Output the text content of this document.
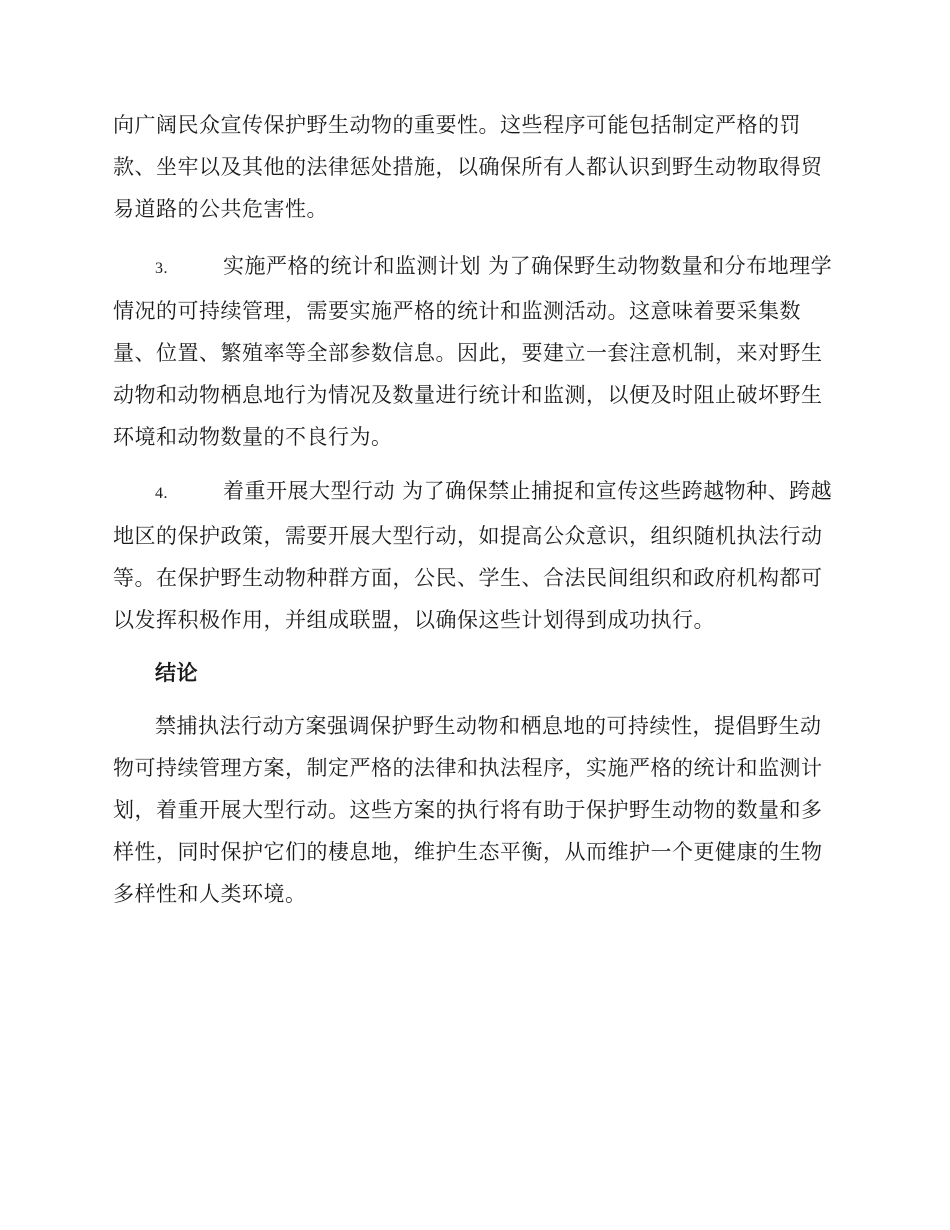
向广阔民众宣传保护野生动物的重要性。这些程序可能包括制定严格的罚款、坐牢以及其他的法律惩处措施，以确保所有人都认识到野生动物取得贸易道路的公共危害性。
3.	实施严格的统计和监测计划 为了确保野生动物数量和分布地理学情况的可持续管理，需要实施严格的统计和监测活动。这意味着要采集数量、位置、繁殖率等全部参数信息。因此，要建立一套注意机制，来对野生动物和动物栖息地行为情况及数量进行统计和监测，以便及时阻止破坏野生环境和动物数量的不良行为。
4.	着重开展大型行动 为了确保禁止捕捉和宣传这些跨越物种、跨越地区的保护政策，需要开展大型行动，如提高公众意识，组织随机执法行动等。在保护野生动物种群方面，公民、学生、合法民间组织和政府机构都可以发挥积极作用，并组成联盟，以确保这些计划得到成功执行。
结论
禁捕执法行动方案强调保护野生动物和栖息地的可持续性，提倡野生动物可持续管理方案，制定严格的法律和执法程序，实施严格的统计和监测计划，着重开展大型行动。这些方案的执行将有助于保护野生动物的数量和多样性，同时保护它们的棲息地，维护生态平衡，从而维护一个更健康的生物多样性和人类环境。
